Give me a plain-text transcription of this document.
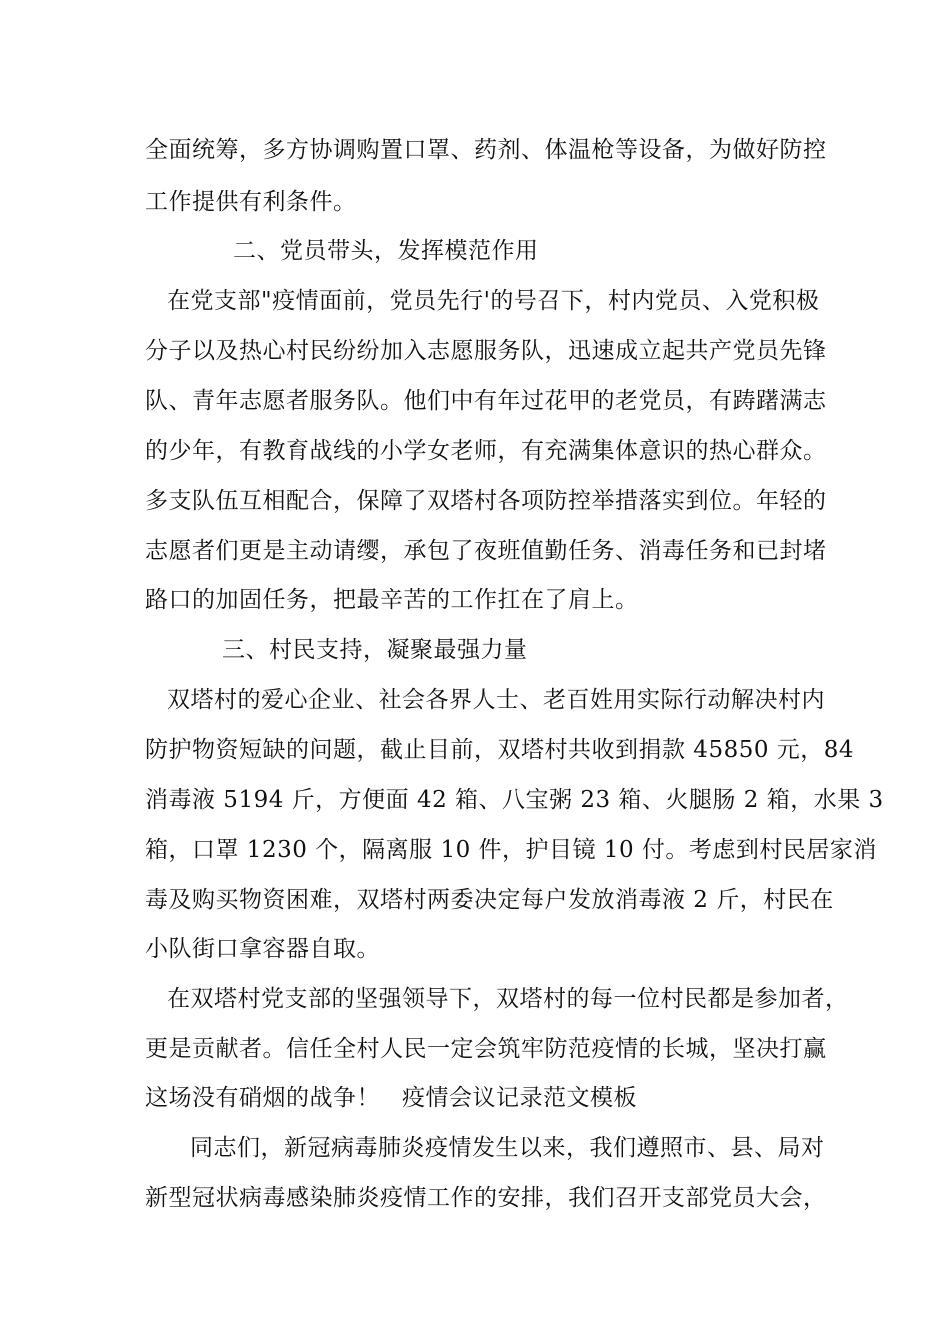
全面统筹，多方协调购置口罩、药剂、体温枪等设备，为做好防控
工作提供有利条件。
二、党员带头，发挥模范作用
在党支部"疫情面前，党员先行'的号召下，村内党员、入党积极
分子以及热心村民纷纷加入志愿服务队，迅速成立起共产党员先锋
队、青年志愿者服务队。他们中有年过花甲的老党员，有踌躇满志
的少年，有教育战线的小学女老师，有充满集体意识的热心群众。
多支队伍互相配合，保障了双塔村各项防控举措落实到位。年轻的
志愿者们更是主动请缨，承包了夜班值勤任务、消毒任务和已封堵
路口的加固任务，把最辛苦的工作扛在了肩上。
三、村民支持，凝聚最强力量
双塔村的爱心企业、社会各界人士、老百姓用实际行动解决村内
防护物资短缺的问题，截止目前，双塔村共收到捐款 45850 元，84
消毒液 5194 斤，方便面 42 箱、八宝粥 23 箱、火腿肠 2 箱，水果 3
箱，口罩 1230 个，隔离服 10 件，护目镜 10 付。考虑到村民居家消
毒及购买物资困难，双塔村两委决定每户发放消毒液 2 斤，村民在
小队街口拿容器自取。
在双塔村党支部的坚强领导下，双塔村的每一位村民都是参加者，
更是贡献者。信任全村人民一定会筑牢防范疫情的长城，坚决打赢
这场没有硝烟的战争！ 疫情会议记录范文模板
同志们，新冠病毒肺炎疫情发生以来，我们遵照市、县、局对
新型冠状病毒感染肺炎疫情工作的安排，我们召开支部党员大会，
